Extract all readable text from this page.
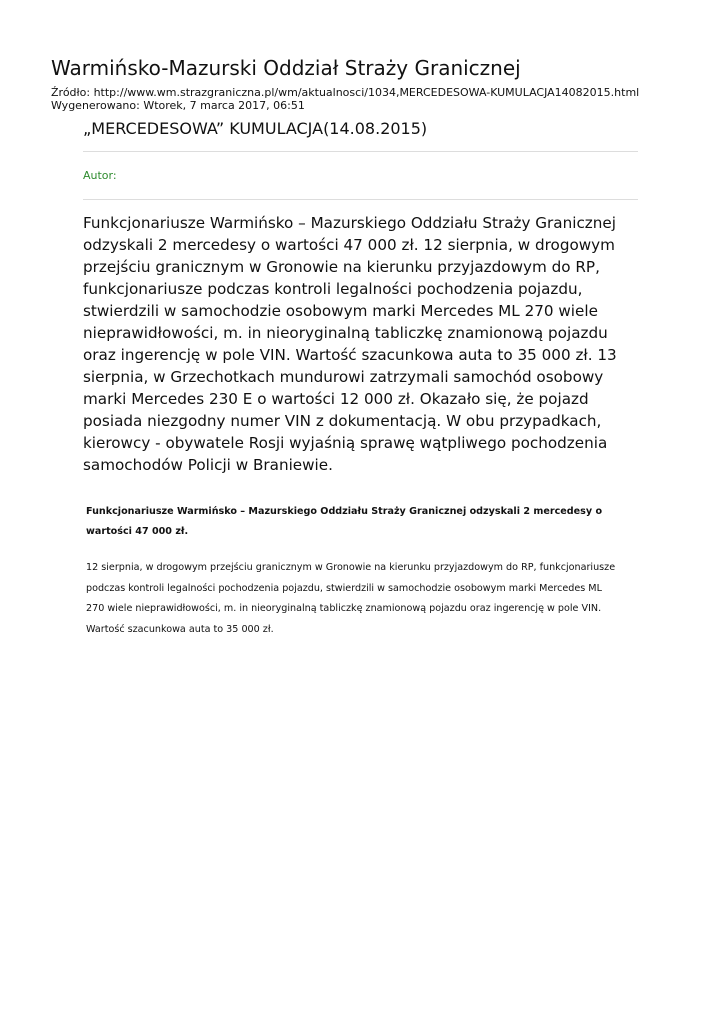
Warmińsko-Mazurski Oddział Straży Granicznej
Źródło: http://www.wm.strazgraniczna.pl/wm/aktualnosci/1034,MERCEDESOWA-KUMULACJA14082015.html
Wygenerowano: Wtorek, 7 marca 2017, 06:51
„MERCEDESOWA” KUMULACJA(14.08.2015)
Autor:
Funkcjonariusze Warmińsko – Mazurskiego Oddziału Straży Granicznej odzyskali 2 mercedesy o wartości 47 000 zł. 12 sierpnia, w drogowym przejściu granicznym w Gronowie na kierunku przyjazdowym do RP, funkcjonariusze podczas kontroli legalności pochodzenia pojazdu, stwierdzili w samochodzie osobowym marki Mercedes ML 270 wiele nieprawidłowości, m. in nieoryginalną tabliczkę znamionową pojazdu oraz ingerencję w pole VIN. Wartość szacunkowa auta to 35 000 zł. 13 sierpnia, w Grzechotkach mundurowi zatrzymali samochód osobowy marki Mercedes 230 E o wartości 12 000 zł. Okazało się, że pojazd posiada niezgodny numer VIN z dokumentacją. W obu przypadkach, kierowcy - obywatele Rosji wyjaśnią sprawę wątpliwego pochodzenia samochodów Policji w Braniewie.
Funkcjonariusze Warmińsko – Mazurskiego Oddziału Straży Granicznej odzyskali 2 mercedesy o wartości 47 000 zł.
12 sierpnia, w drogowym przejściu granicznym w Gronowie na kierunku przyjazdowym do RP, funkcjonariusze podczas kontroli legalności pochodzenia pojazdu, stwierdzili w samochodzie osobowym marki Mercedes ML 270 wiele nieprawidłowości, m. in nieoryginalną tabliczkę znamionową pojazdu oraz ingerencję w pole VIN. Wartość szacunkowa auta to 35 000 zł.
